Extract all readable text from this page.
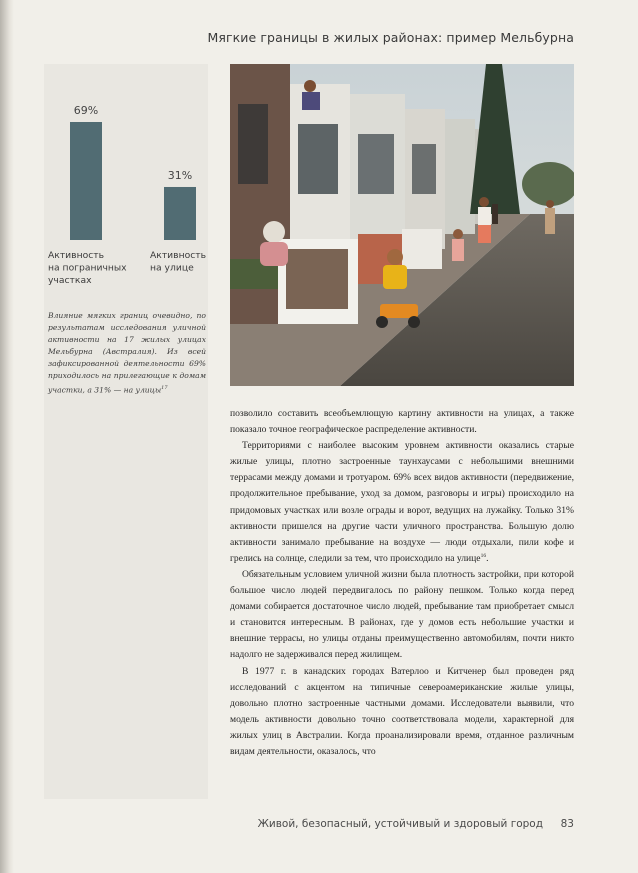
Мягкие границы в жилых районах: пример Мельбурна
69%
Активность
на пограничных
участках
31%
Активность
на улице
Влияние мягких границ очевидно, по результатам исследования уличной активности на 17 жилых улицах Мельбурна (Австралия). Из всей зафиксированной деятельности 69% приходилось на прилегающие к домам участки, а 31% — на улицы$^{17}$

позволило составить всеобъемлющую картину активности на улицах, а также показало точное географическое распределение активности.

Территориями с наиболее высоким уровнем активности оказались старые жилые улицы, плотно застроенные таунхаусами с небольшими внешними террасами между домами и тротуаром. 69% всех видов активности (передвижение, продолжительное пребывание, уход за домом, разговоры и игры) происходило на придомовых участках или возле ограды и ворот, ведущих на лужайку. Только 31% активности пришелся на другие части уличного пространства. Большую долю активности занимало пребывание на воздухе — люди отдыхали, пили кофе и грелись на солнце, следили за тем, что происходило на улице$^{16}$.

Обязательным условием уличной жизни была плотность застройки, при которой большое число людей передвигалось по району пешком. Только когда перед домами собирается достаточное число людей, пребывание там приобретает смысл и становится интересным. В районах, где у домов есть небольшие участки и внешние террасы, но улицы отданы преимущественно автомобилям, почти никто надолго не задерживался перед жилищем.

В 1977 г. в канадских городах Ватерлоо и Китченер был проведен ряд исследований с акцентом на типичные североамериканские жилые улицы, довольно плотно застроенные частными домами. Исследователи выявили, что модель активности довольно точно соответствовала модели, характерной для жилых улиц в Австралии. Когда проанализировали время, отданное различным видам деятельности, оказалось, что

Живой, безопасный, устойчивый и здоровый город 83
